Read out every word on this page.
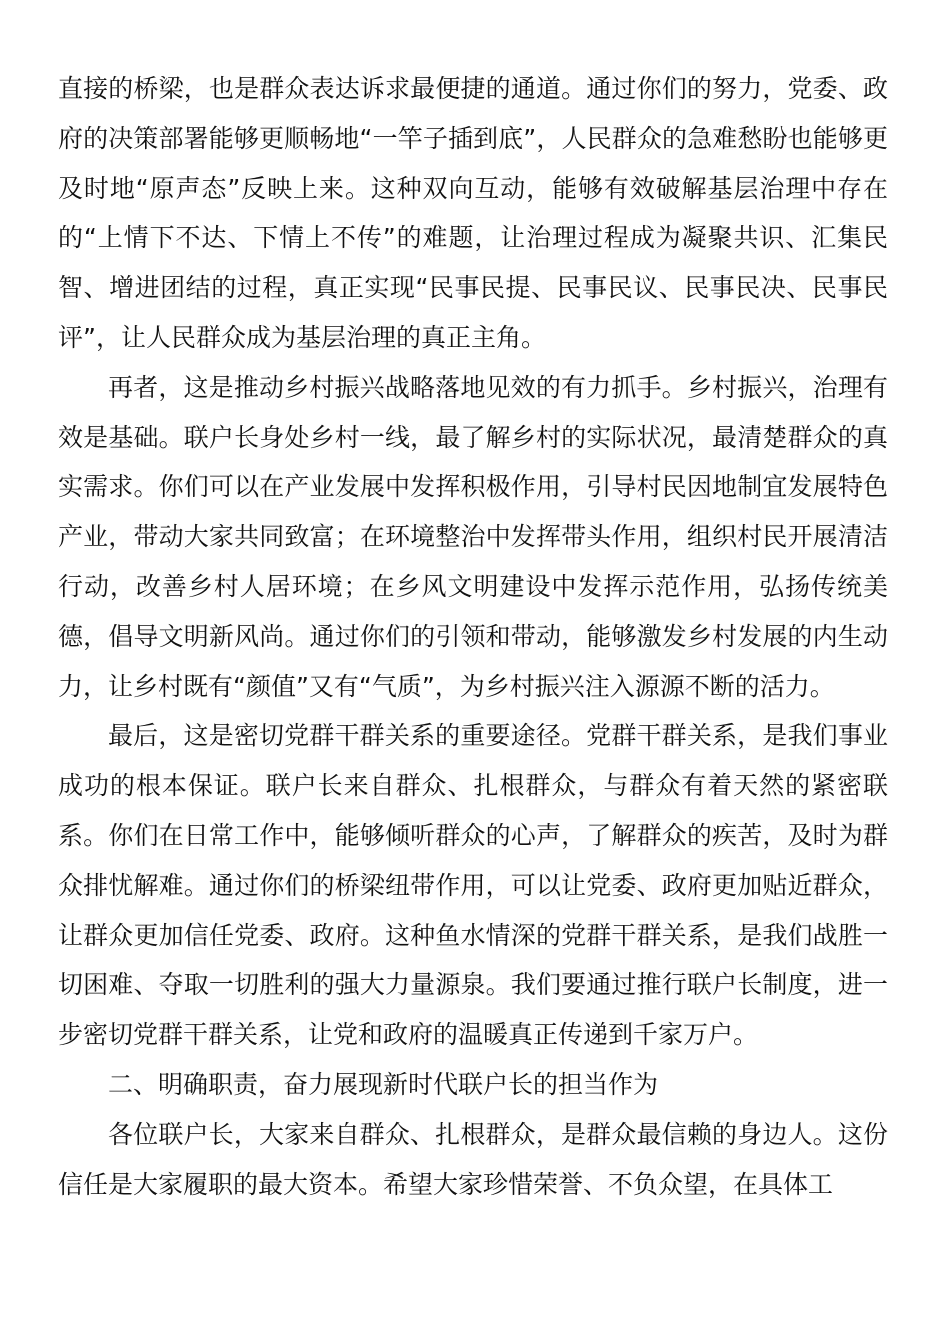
直接的桥梁，也是群众表达诉求最便捷的通道。通过你们的努力，党委、政府的决策部署能够更顺畅地“一竿子插到底”，人民群众的急难愁盼也能够更及时地“原声态”反映上来。这种双向互动，能够有效破解基层治理中存在的“上情下不达、下情上不传”的难题，让治理过程成为凝聚共识、汇集民智、增进团结的过程，真正实现“民事民提、民事民议、民事民决、民事民评”，让人民群众成为基层治理的真正主角。

再者，这是推动乡村振兴战略落地见效的有力抓手。乡村振兴，治理有效是基础。联户长身处乡村一线，最了解乡村的实际状况，最清楚群众的真实需求。你们可以在产业发展中发挥积极作用，引导村民因地制宜发展特色产业，带动大家共同致富；在环境整治中发挥带头作用，组织村民开展清洁行动，改善乡村人居环境；在乡风文明建设中发挥示范作用，弘扬传统美德，倡导文明新风尚。通过你们的引领和带动，能够激发乡村发展的内生动力，让乡村既有“颜值”又有“气质”，为乡村振兴注入源源不断的活力。

最后，这是密切党群干群关系的重要途径。党群干群关系，是我们事业成功的根本保证。联户长来自群众、扎根群众，与群众有着天然的紧密联系。你们在日常工作中，能够倾听群众的心声，了解群众的疾苦，及时为群众排忧解难。通过你们的桥梁纽带作用，可以让党委、政府更加贴近群众，让群众更加信任党委、政府。这种鱼水情深的党群干群关系，是我们战胜一切困难、夺取一切胜利的强大力量源泉。我们要通过推行联户长制度，进一步密切党群干群关系，让党和政府的温暖真正传递到千家万户。

二、明确职责，奋力展现新时代联户长的担当作为

各位联户长，大家来自群众、扎根群众，是群众最信赖的身边人。这份信任是大家履职的最大资本。希望大家珍惜荣誉、不负众望，在具体工
